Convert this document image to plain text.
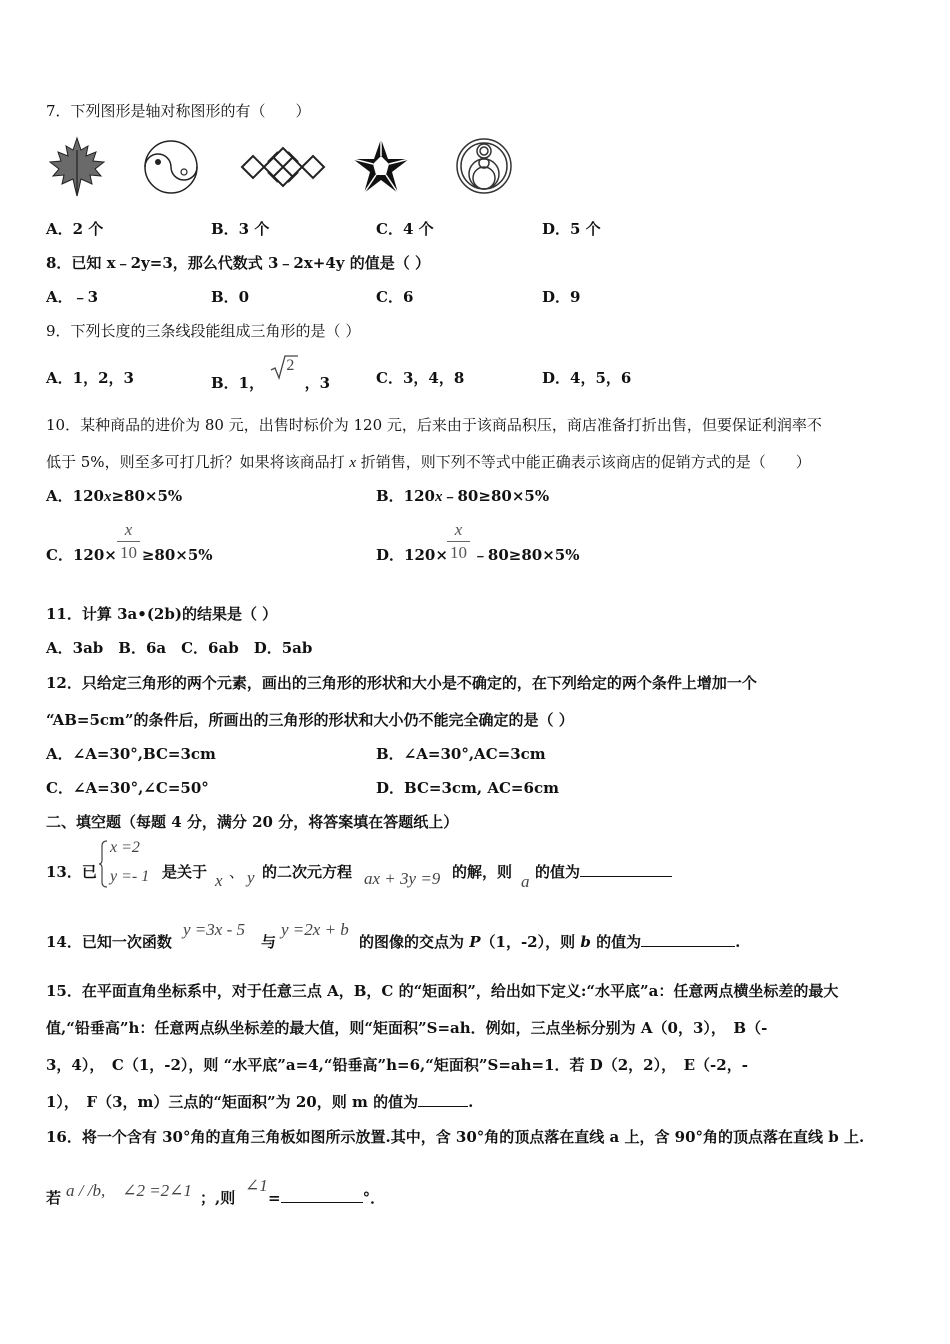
7．下列图形是轴对称图形的有（　　）
A．2 个	B．3 个	C．4 个	D．5 个
8．已知 x﹣2y=3，那么代数式 3﹣2x+4y 的值是（ ）
A．﹣3	B．0	C．6	D．9
9．下列长度的三条线段能组成三角形的是（ ）
A．1，2，3	B．1，
2
，3	C．3，4，8	D．4，5，6
10．某种商品的进价为 80 元，出售时标价为 120 元，后来由于该商品积压，商店准备打折出售，但要保证利润率不
低于 5%，则至多可打几折？如果将该商品打 x 折销售，则下列不等式中能正确表示该商店的促销方式的是（　　）
A．120x≥80×5%	B．120x﹣80≥80×5%
C．120× ≥80×5%
x
10	D．120× ﹣80≥80×5%
x
10
11．计算 3a•(2b)的结果是（ ）
A．3ab　B．6a　C．6ab　D．5ab
12．只给定三角形的两个元素，画出的三角形的形状和大小是不确定的，在下列给定的两个条件上增加一个
“AB=5cm”的条件后，所画出的三角形的形状和大小仍不能完全确定的是（ ）
A．∠A=30°,BC=3cm	B．∠A=30°,AC=3cm
C．∠A=30°,∠C=50°	D．BC=3cm, AC=6cm
二、填空题（每题 4 分，满分 20 分，将答案填在答题纸上）
13．已
x =2
y =- 1 是关于 x 、 y 的二次元方程 ax + 3y =9 的解，则 a 的值为
14．已知一次函数
y =3x - 5
与
y =2x + b
的图像的交点为 P（1，-2），则 b 的值为	.
15．在平面直角坐标系中，对于任意三点 A，B，C 的“矩面积”，给出如下定义:“水平底”a：任意两点横坐标差的最大
值,“铅垂高”h：任意两点纵坐标差的最大值，则“矩面积”S=ah．例如，三点坐标分别为 A（0，3），　B（-
3，4），　C（1，-2），则 “水平底”a=4,“铅垂高”h=6,“矩面积”S=ah=1．若 D（2，2），　E（-2，-
1），　F（3，m）三点的“矩面积”为 20，则 m 的值为	.
16．将一个含有 30°角的直角三角板如图所示放置.其中，含 30°角的顶点落在直线 a 上，含 90°角的顶点落在直线 b 上.
若 a / /b,　∠2 =2∠1 ；,则
∠1
=	°．
